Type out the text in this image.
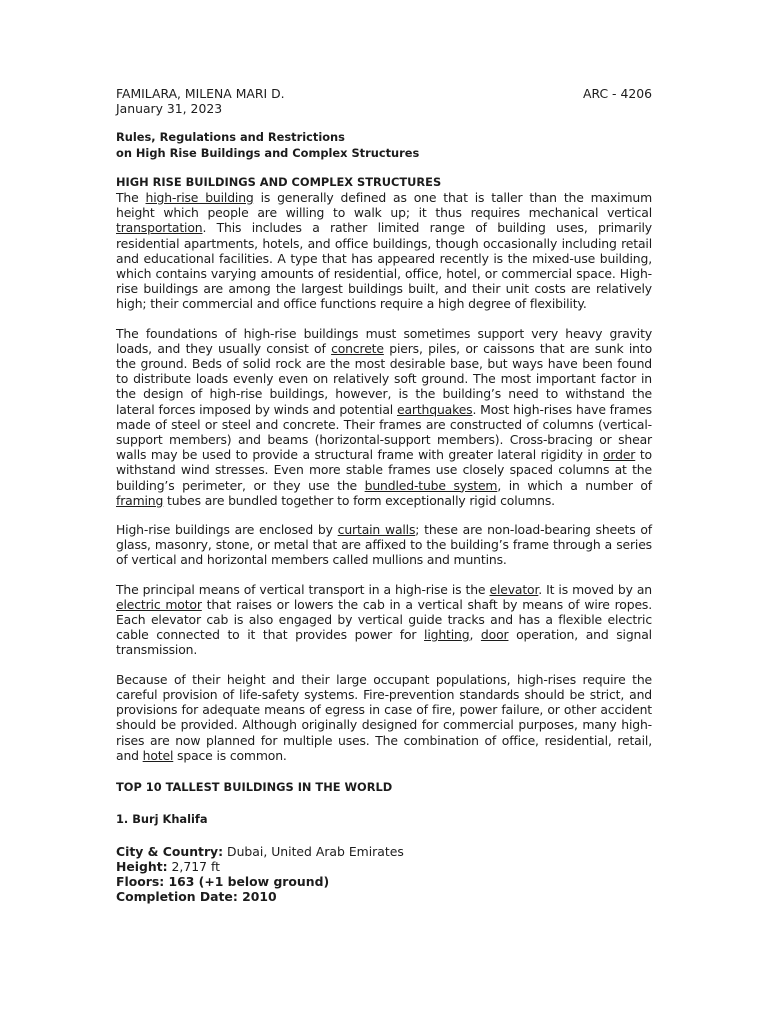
FAMILARA, MILENA MARI D.	ARC - 4206
January 31, 2023
Rules, Regulations and Restrictions
on High Rise Buildings and Complex Structures
HIGH RISE BUILDINGS AND COMPLEX STRUCTURES

The high-rise building is generally defined as one that is taller than the maximum height which people are willing to walk up; it thus requires mechanical vertical transportation. This includes a rather limited range of building uses, primarily residential apartments, hotels, and office buildings, though occasionally including retail and educational facilities. A type that has appeared recently is the mixed-use building, which contains varying amounts of residential, office, hotel, or commercial space. High-rise buildings are among the largest buildings built, and their unit costs are relatively high; their commercial and office functions require a high degree of flexibility.

The foundations of high-rise buildings must sometimes support very heavy gravity loads, and they usually consist of concrete piers, piles, or caissons that are sunk into the ground. Beds of solid rock are the most desirable base, but ways have been found to distribute loads evenly even on relatively soft ground. The most important factor in the design of high-rise buildings, however, is the building’s need to withstand the lateral forces imposed by winds and potential earthquakes. Most high-rises have frames made of steel or steel and concrete. Their frames are constructed of columns (vertical-support members) and beams (horizontal-support members). Cross-bracing or shear walls may be used to provide a structural frame with greater lateral rigidity in order to withstand wind stresses. Even more stable frames use closely spaced columns at the building’s perimeter, or they use the bundled-tube system, in which a number of framing tubes are bundled together to form exceptionally rigid columns.

High-rise buildings are enclosed by curtain walls; these are non-load-bearing sheets of glass, masonry, stone, or metal that are affixed to the building’s frame through a series of vertical and horizontal members called mullions and muntins.

The principal means of vertical transport in a high-rise is the elevator. It is moved by an electric motor that raises or lowers the cab in a vertical shaft by means of wire ropes. Each elevator cab is also engaged by vertical guide tracks and has a flexible electric cable connected to it that provides power for lighting, door operation, and signal transmission.

Because of their height and their large occupant populations, high-rises require the careful provision of life-safety systems. Fire-prevention standards should be strict, and provisions for adequate means of egress in case of fire, power failure, or other accident should be provided. Although originally designed for commercial purposes, many high-rises are now planned for multiple uses. The combination of office, residential, retail, and hotel space is common.

TOP 10 TALLEST BUILDINGS IN THE WORLD
1. Burj Khalifa
City & Country: Dubai, United Arab Emirates
Height: 2,717 ft
Floors: 163 (+1 below ground)
Completion Date: 2010
